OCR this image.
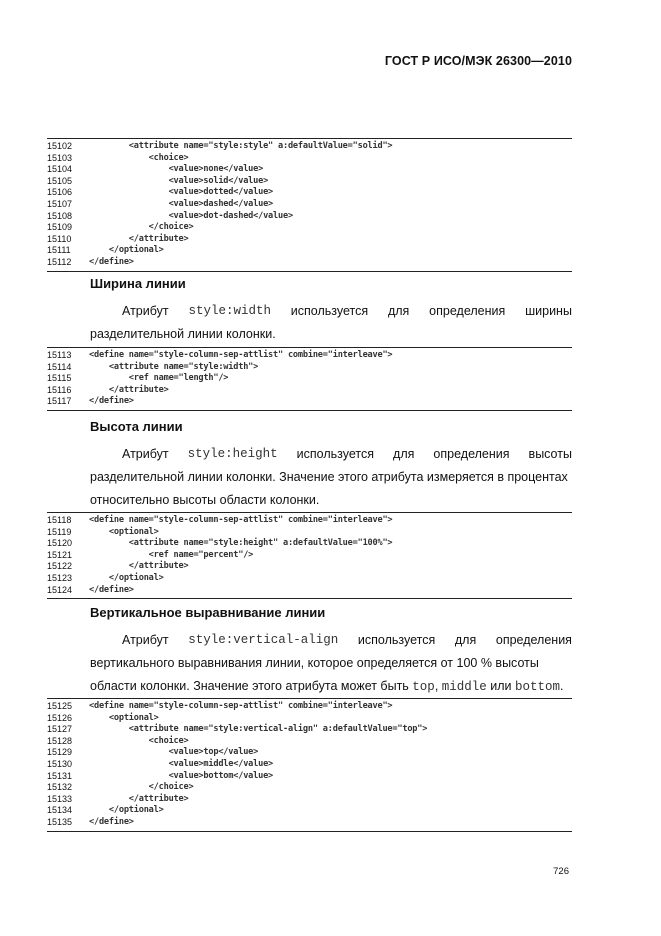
ГОСТ Р ИСО/МЭК 26300—2010
15102	<attribute name="style:style" a:defaultValue="solid">
15103	<choice>
15104	<value>none</value>
15105	<value>solid</value>
15106	<value>dotted</value>
15107	<value>dashed</value>
15108	<value>dot-dashed</value>
15109	</choice>
15110	</attribute>
15111	</optional>
15112	</define>
Ширина линии
Атрибут style:width используется для определения ширины
разделительной линии колонки.
15113	<define name="style-column-sep-attlist" combine="interleave">
15114	<attribute name="style:width">
15115	<ref name="length"/>
15116	</attribute>
15117	</define>
Высота линии
Атрибут style:height используется для определения высоты
разделительной линии колонки. Значение этого атрибута измеряется в процентах
относительно высоты области колонки.
15118	<define name="style-column-sep-attlist" combine="interleave">
15119	<optional>
15120	<attribute name="style:height" a:defaultValue="100%">
15121	<ref name="percent"/>
15122	</attribute>
15123	</optional>
15124	</define>
Вертикальное выравнивание линии
Атрибут style:vertical-align используется для определения
вертикального выравнивания линии, которое определяется от 100 % высоты
области колонки. Значение этого атрибута может быть top, middle или bottom.
15125	<define name="style-column-sep-attlist" combine="interleave">
15126	<optional>
15127	<attribute name="style:vertical-align" a:defaultValue="top">
15128	<choice>
15129	<value>top</value>
15130	<value>middle</value>
15131	<value>bottom</value>
15132	</choice>
15133	</attribute>
15134	</optional>
15135	</define>
726
